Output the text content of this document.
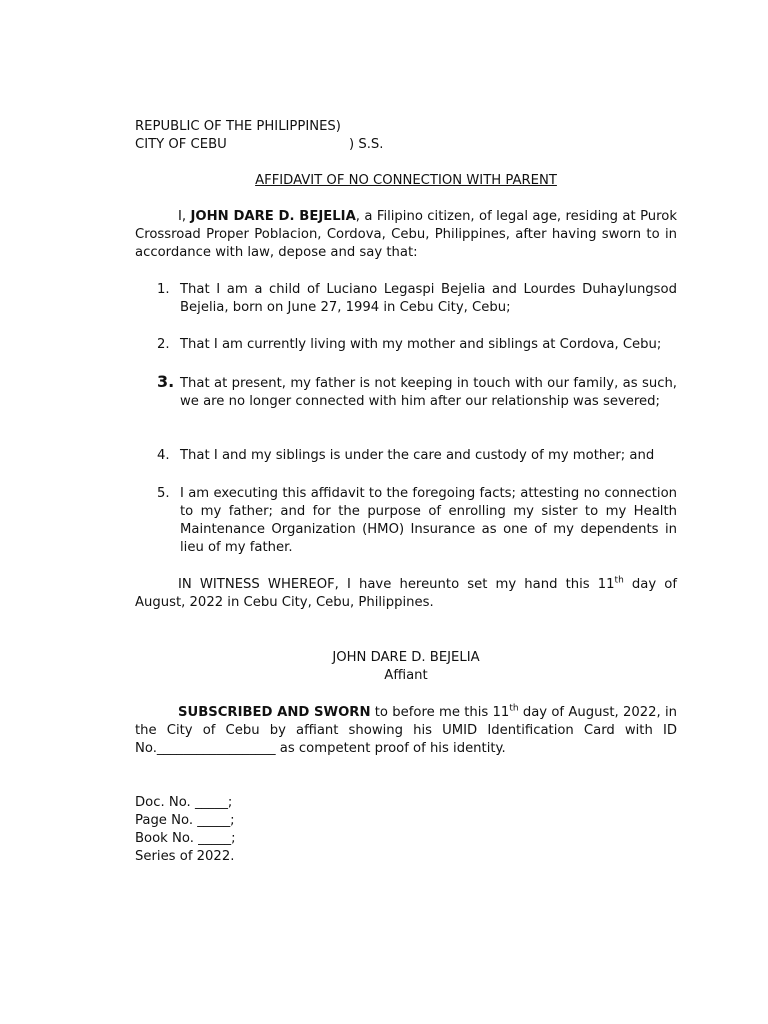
REPUBLIC OF THE PHILIPPINES)
CITY OF CEBU	) S.S.
AFFIDAVIT OF NO CONNECTION WITH PARENT
I, JOHN DARE D. BEJELIA, a Filipino citizen, of legal age, residing at Purok Crossroad Proper Poblacion, Cordova, Cebu, Philippines, after having sworn to in accordance with law, depose and say that:
1. That I am a child of Luciano Legaspi Bejelia and Lourdes Duhaylungsod Bejelia, born on June 27, 1994 in Cebu City, Cebu;
2. That I am currently living with my mother and siblings at Cordova, Cebu;
3. That at present, my father is not keeping in touch with our family, as such, we are no longer connected with him after our relationship was severed;
4. That I and my siblings is under the care and custody of my mother; and
5. I am executing this affidavit to the foregoing facts; attesting no connection to my father; and for the purpose of enrolling my sister to my Health Maintenance Organization (HMO) Insurance as one of my dependents in lieu of my father.
IN WITNESS WHEREOF, I have hereunto set my hand this 11th day of August, 2022 in Cebu City, Cebu, Philippines.
JOHN DARE D. BEJELIA
Affiant
SUBSCRIBED AND SWORN to before me this 11th day of August, 2022, in the City of Cebu by affiant showing his UMID Identification Card with ID No.__________________ as competent proof of his identity.
Doc. No. _____;
Page No. _____;
Book No. _____;
Series of 2022.
